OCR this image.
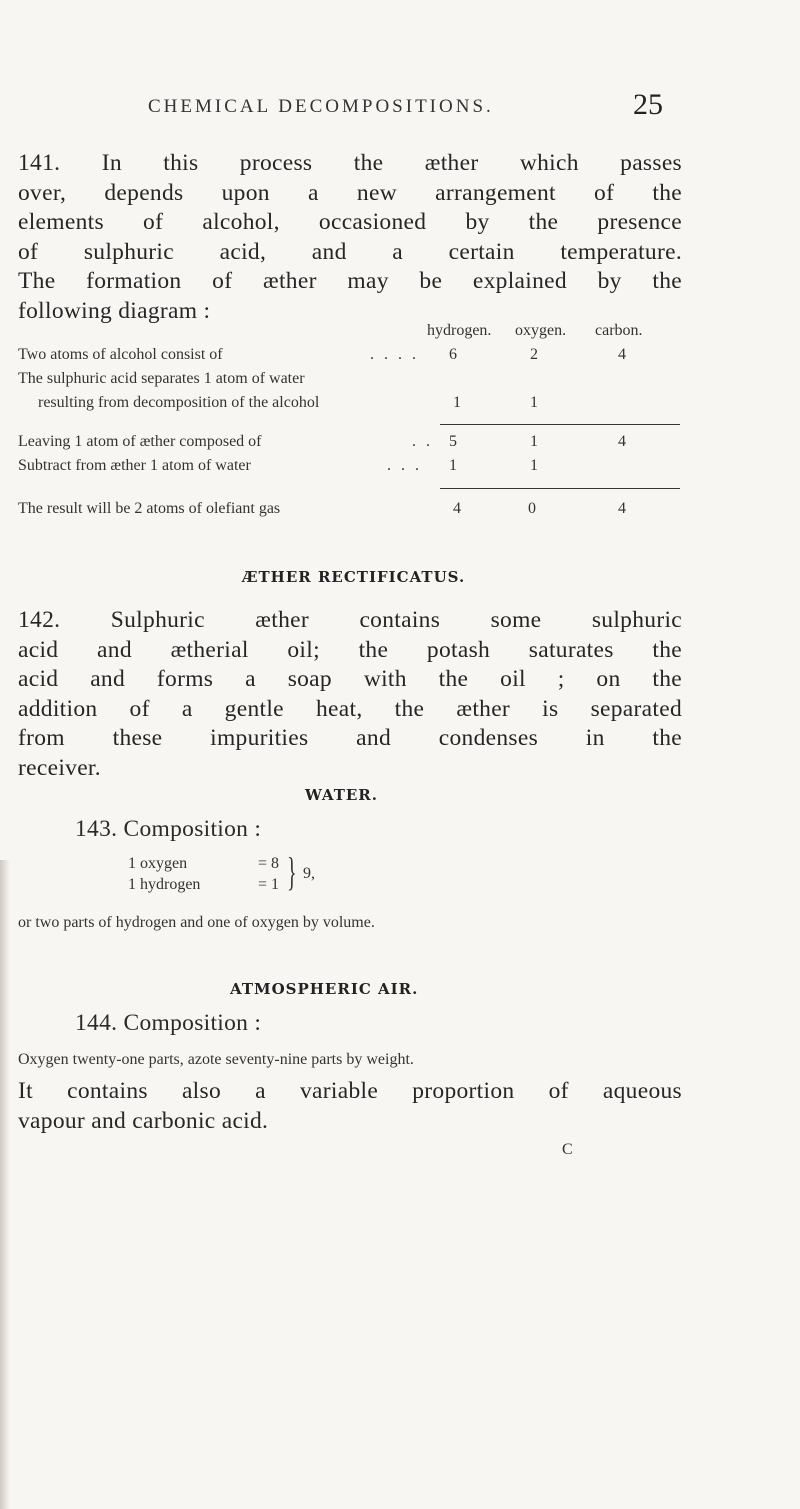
CHEMICAL DECOMPOSITIONS.	25
141. In this process the æther which passes
over, depends upon a new arrangement of the
elements of alcohol, occasioned by the presence
of sulphuric acid, and a certain temperature.
The formation of æther may be explained by the
following diagram :
hydrogen. oxygen. carbon.
Two atoms of alcohol consist of	. . . . 6	2	4
The sulphuric acid separates 1 atom of water
resulting from decomposition of the alcohol	1	1
Leaving 1 atom of æther composed of	. . 5	1	4
Subtract from æther 1 atom of water	. . . 1	1
The result will be 2 atoms of olefiant gas	4	0	4
ÆTHER RECTIFICATUS.
142. Sulphuric æther contains some sulphuric
acid and ætherial oil; the potash saturates the
acid and forms a soap with the oil ; on the
addition of a gentle heat, the æther is separated
from these impurities and condenses in the
receiver.
WATER.
143. Composition :
1 oxygen	= 8
1 hydrogen	= 1 } 9,
or two parts of hydrogen and one of oxygen by volume.
ATMOSPHERIC AIR.
144. Composition :
Oxygen twenty-one parts, azote seventy-nine parts by weight.
It contains also a variable proportion of aqueous
vapour and carbonic acid.
C
